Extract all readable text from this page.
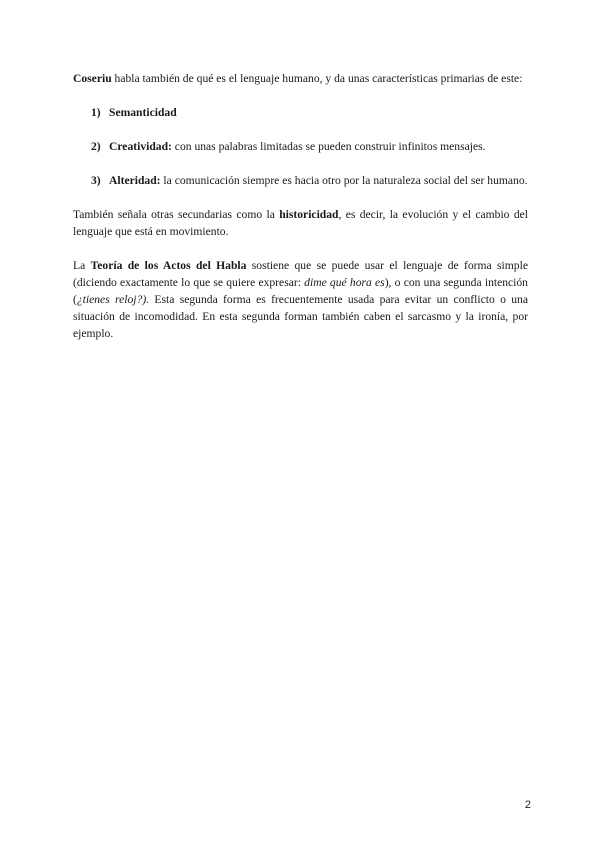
Coseriu habla también de qué es el lenguaje humano, y da unas características primarias de este:

1) Semanticidad
2) Creatividad: con unas palabras limitadas se pueden construir infinitos mensajes.
3) Alteridad: la comunicación siempre es hacia otro por la naturaleza social del ser humano.

También señala otras secundarias como la historicidad, es decir, la evolución y el cambio del lenguaje que está en movimiento.

La Teoría de los Actos del Habla sostiene que se puede usar el lenguaje de forma simple (diciendo exactamente lo que se quiere expresar: dime qué hora es), o con una segunda intención (¿tienes reloj?). Esta segunda forma es frecuentemente usada para evitar un conflicto o una situación de incomodidad. En esta segunda forman también caben el sarcasmo y la ironía, por ejemplo.

2
